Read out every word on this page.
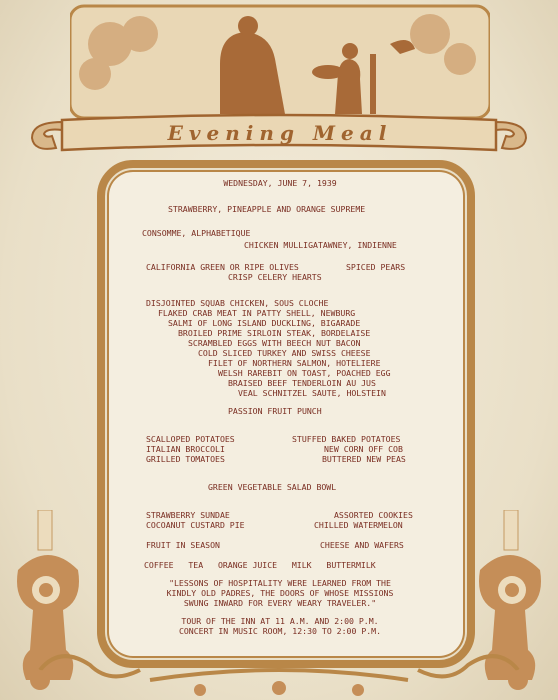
Evening Meal
WEDNESDAY, JUNE 7, 1939
STRAWBERRY, PINEAPPLE AND ORANGE SUPREME
CONSOMME, ALPHABETIQUE
CHICKEN MULLIGATAWNEY, INDIENNE
CALIFORNIA GREEN OR RIPE OLIVES	SPICED PEARS
CRISP CELERY HEARTS
DISJOINTED SQUAB CHICKEN, SOUS CLOCHE
FLAKED CRAB MEAT IN PATTY SHELL, NEWBURG
SALMI OF LONG ISLAND DUCKLING, BIGARADE
BROILED PRIME SIRLOIN STEAK, BORDELAISE
SCRAMBLED EGGS WITH BEECH NUT BACON
COLD SLICED TURKEY AND SWISS CHEESE
FILET OF NORTHERN SALMON, HOTELIERE
WELSH RAREBIT ON TOAST, POACHED EGG
BRAISED BEEF TENDERLOIN AU JUS
VEAL SCHNITZEL SAUTE, HOLSTEIN
PASSION FRUIT PUNCH
SCALLOPED POTATOES
ITALIAN BROCCOLI
GRILLED TOMATOES
STUFFED BAKED POTATOES
NEW CORN OFF COB
BUTTERED NEW PEAS
GREEN VEGETABLE SALAD BOWL
STRAWBERRY SUNDAE
COCOANUT CUSTARD PIE
ASSORTED COOKIES
CHILLED WATERMELON
FRUIT IN SEASON	CHEESE AND WAFERS
COFFEE   TEA   ORANGE JUICE   MILK   BUTTERMILK
"LESSONS OF HOSPITALITY WERE LEARNED FROM THE
KINDLY OLD PADRES, THE DOORS OF WHOSE MISSIONS
SWUNG INWARD FOR EVERY WEARY TRAVELER."
TOUR OF THE INN AT 11 A.M. AND 2:00 P.M.
CONCERT IN MUSIC ROOM, 12:30 TO 2:00 P.M.
